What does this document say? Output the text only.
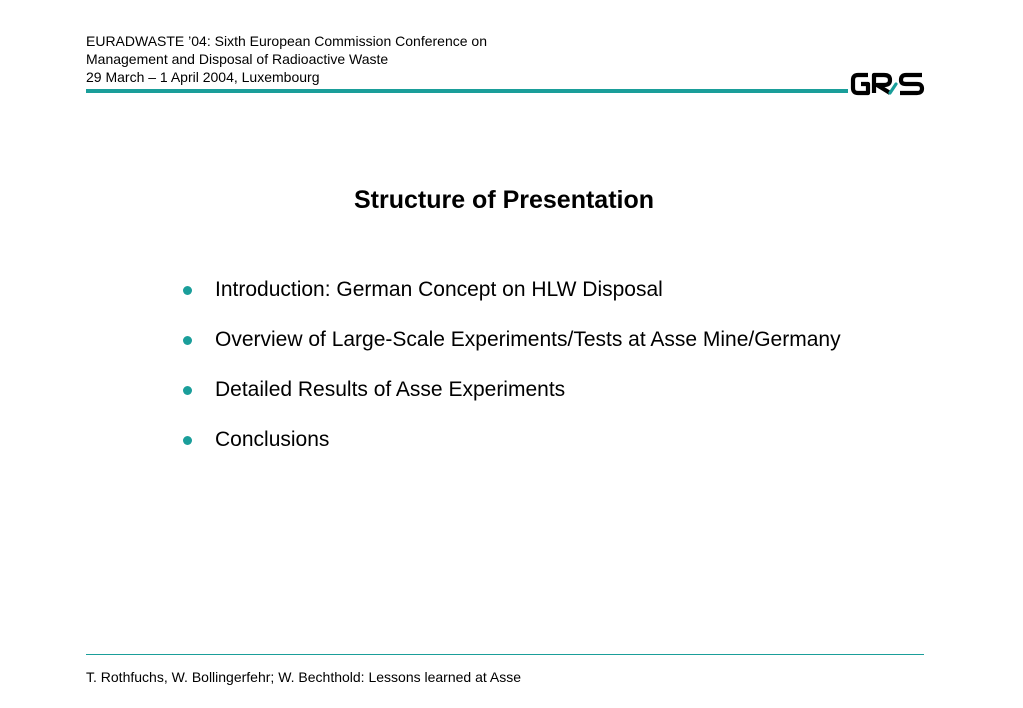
EURADWASTE ’04: Sixth European Commission Conference on
Management and Disposal of Radioactive Waste
29 March – 1 April 2004, Luxembourg
Structure of Presentation
Introduction: German Concept on HLW Disposal
Overview of Large-Scale Experiments/Tests at Asse Mine/Germany
Detailed Results of Asse Experiments
Conclusions
T. Rothfuchs, W. Bollingerfehr; W. Bechthold: Lessons learned at Asse
